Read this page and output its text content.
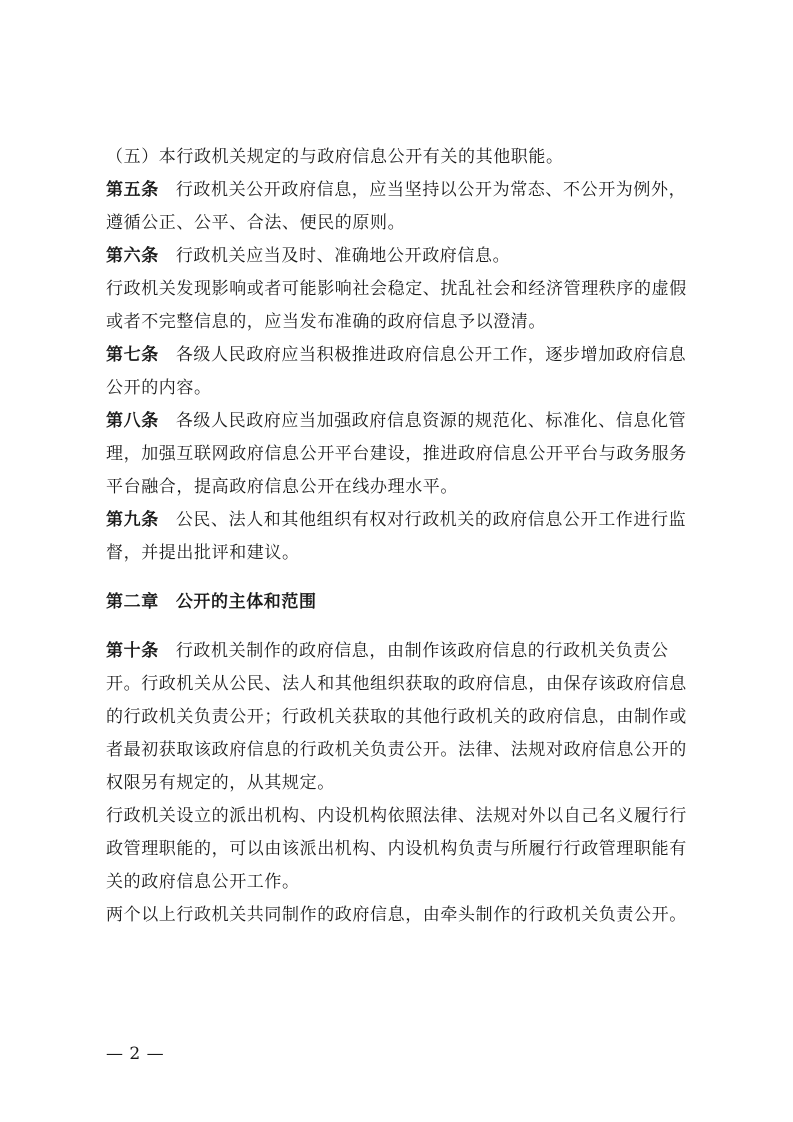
（五）本行政机关规定的与政府信息公开有关的其他职能。
第五条 行政机关公开政府信息，应当坚持以公开为常态、不公开为例外，
遵循公正、公平、合法、便民的原则。
第六条 行政机关应当及时、准确地公开政府信息。
行政机关发现影响或者可能影响社会稳定、扰乱社会和经济管理秩序的虚假
或者不完整信息的，应当发布准确的政府信息予以澄清。
第七条 各级人民政府应当积极推进政府信息公开工作，逐步增加政府信息
公开的内容。
第八条 各级人民政府应当加强政府信息资源的规范化、标准化、信息化管
理，加强互联网政府信息公开平台建设，推进政府信息公开平台与政务服务
平台融合，提高政府信息公开在线办理水平。
第九条 公民、法人和其他组织有权对行政机关的政府信息公开工作进行监
督，并提出批评和建议。
第二章 公开的主体和范围
第十条 行政机关制作的政府信息，由制作该政府信息的行政机关负责公
开。行政机关从公民、法人和其他组织获取的政府信息，由保存该政府信息
的行政机关负责公开；行政机关获取的其他行政机关的政府信息，由制作或
者最初获取该政府信息的行政机关负责公开。法律、法规对政府信息公开的
权限另有规定的，从其规定。
行政机关设立的派出机构、内设机构依照法律、法规对外以自己名义履行行
政管理职能的，可以由该派出机构、内设机构负责与所履行行政管理职能有
关的政府信息公开工作。
两个以上行政机关共同制作的政府信息，由牵头制作的行政机关负责公开。
— 2 —
